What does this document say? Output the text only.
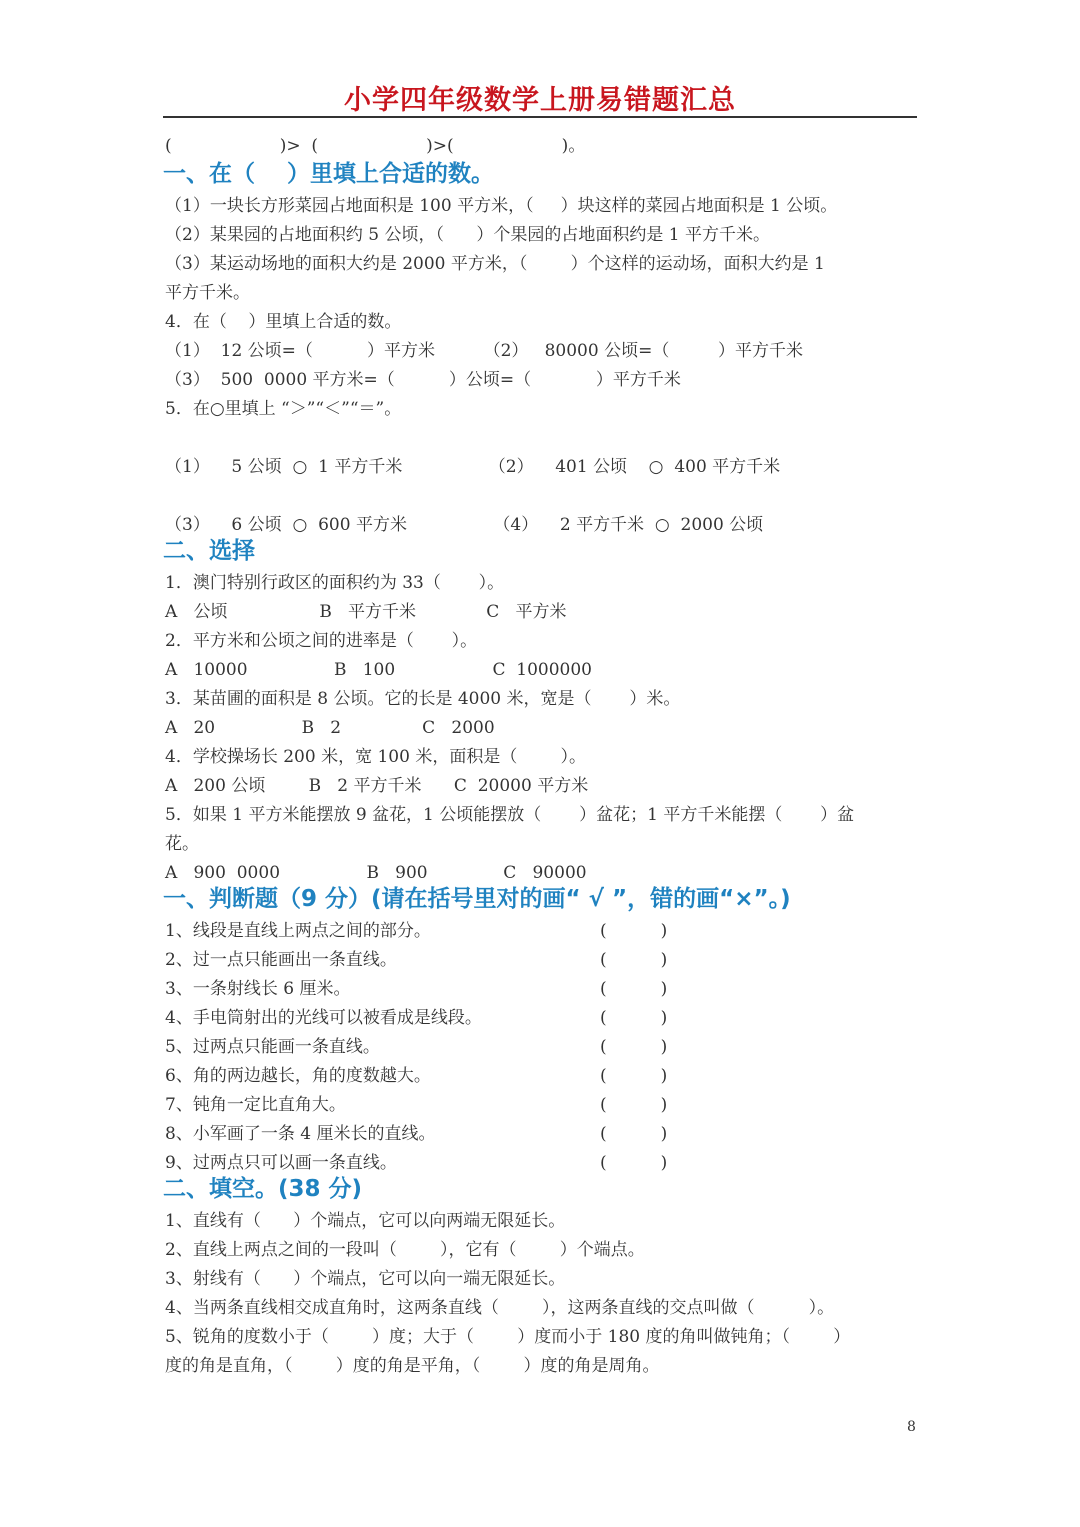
小学四年级数学上册易错题汇总
(                    )>  (                    )>(                    )。
一、在（    ）里填上合适的数。
（1）一块长方形菜园占地面积是 100 平方米，（     ）块这样的菜园占地面积是 1 公顷。
（2）某果园的占地面积约 5 公顷，（      ）个果园的占地面积约是 1 平方千米。
（3）某运动场地的面积大约是 2000 平方米，（        ）个这样的运动场，面积大约是 1
平方千米。
4．在（    ）里填上合适的数。
（1）  12 公顷=（          ）平方米         （2）   80000 公顷=（         ）平方千米
（3）  500  0000 平方米=（          ）公顷=（            ）平方千米
5．在○里填上 “＞”“＜”“＝”。
（1）    5 公顷  ○  1 平方千米                （2）    401 公顷    ○  400 平方千米
（3）    6 公顷  ○  600 平方米                （4）    2 平方千米  ○  2000 公顷
二、选择
1．澳门特别行政区的面积约为 33（       ）。
A   公顷                 B   平方千米             C   平方米
2．平方米和公顷之间的进率是（       ）。
A   10000                B   100                  C  1000000
3．某苗圃的面积是 8 公顷。它的长是 4000 米，宽是（       ）米。
A   20                B   2               C   2000
4．学校操场长 200 米，宽 100 米，面积是（        ）。
A   200 公顷        B   2 平方千米      C  20000 平方米
5．如果 1 平方米能摆放 9 盆花，1 公顷能摆放（       ）盆花；1 平方千米能摆（       ）盆
花。
A   900  0000                B   900              C   90000
一、判断题（9 分）(请在括号里对的画“ √ ”，错的画“×”。)
1、线段是直线上两点之间的部分。	(          )
2、过一点只能画出一条直线。	(          )
3、一条射线长 6 厘米。	(          )
4、手电筒射出的光线可以被看成是线段。	(          )
5、过两点只能画一条直线。	(          )
6、角的两边越长，角的度数越大。	(          )
7、钝角一定比直角大。	(          )
8、小军画了一条 4 厘米长的直线。	(          )
9、过两点只可以画一条直线。	(          )
二、填空。(38 分)
1、直线有（      ）个端点，它可以向两端无限延长。
2、直线上两点之间的一段叫（        ），它有（        ）个端点。
3、射线有（      ）个端点，它可以向一端无限延长。
4、当两条直线相交成直角时，这两条直线（        ），这两条直线的交点叫做（          ）。
5、锐角的度数小于（        ）度；大于（        ）度而小于 180 度的角叫做钝角；（        ）
度的角是直角，（        ）度的角是平角，（        ）度的角是周角。
8
